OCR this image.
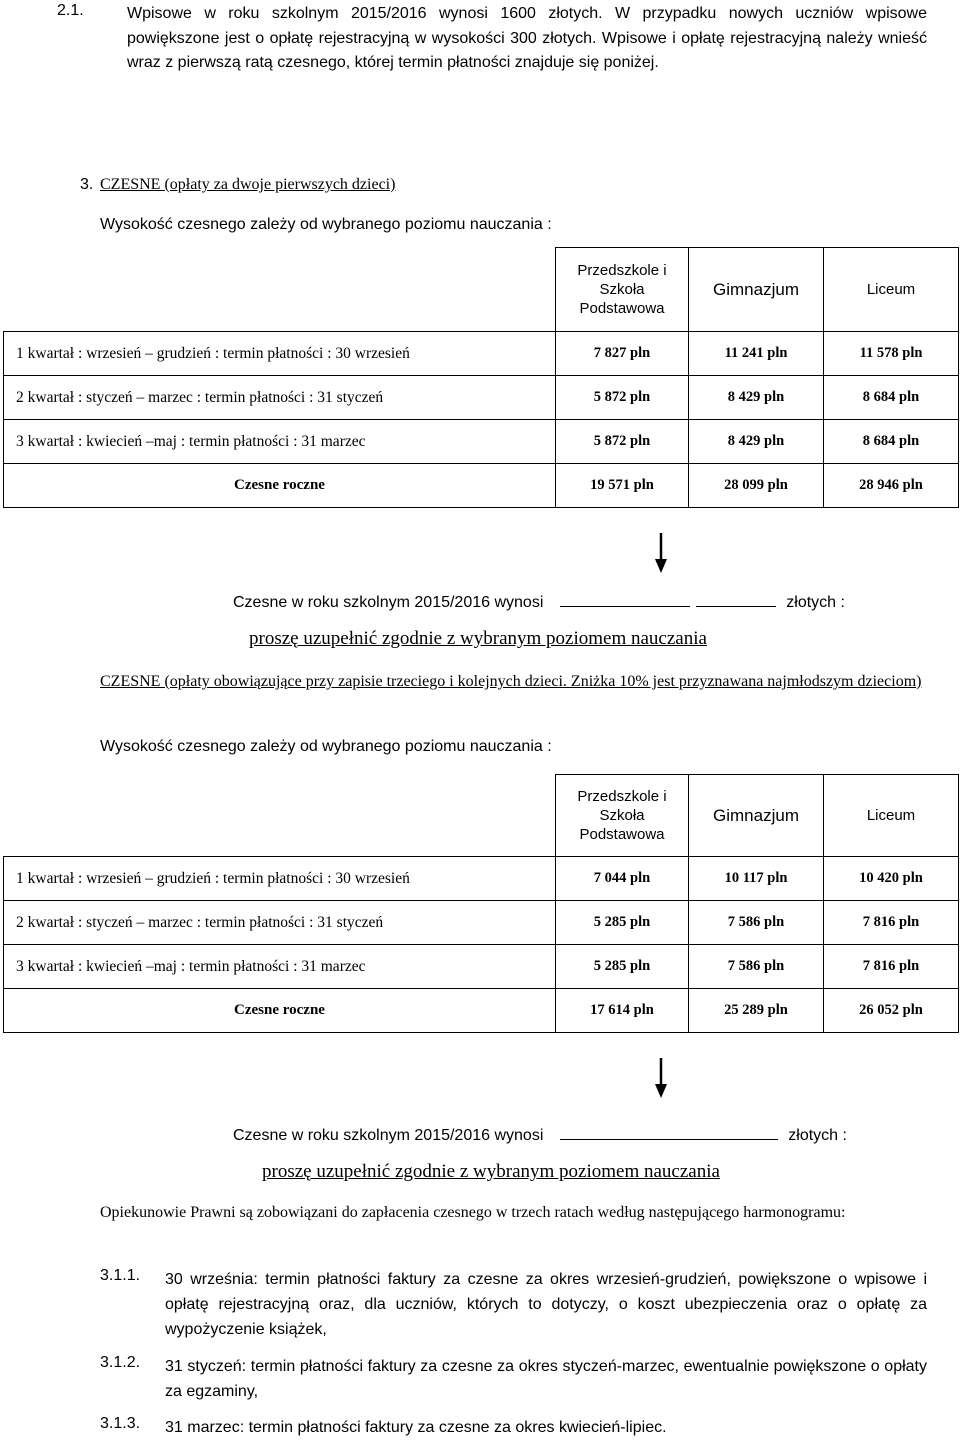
2.1.	Wpisowe w roku szkolnym 2015/2016 wynosi 1600 złotych. W przypadku nowych uczniów wpisowe powiększone jest o opłatę rejestracyjną w wysokości 300 złotych. Wpisowe i opłatę rejestracyjną należy wnieść wraz z pierwszą ratą czesnego, której termin płatności znajduje się poniżej.
3. CZESNE (opłaty za dwoje pierwszych dzieci)
Wysokość czesnego zależy od wybranego poziomu nauczania :
	Przedszkole i Szkoła Podstawowa	Gimnazjum	Liceum
1 kwartał : wrzesień – grudzień : termin płatności : 30 wrzesień	7 827 pln	11 241 pln	11 578 pln
2 kwartał : styczeń – marzec : termin płatności : 31 styczeń	5 872 pln	8 429 pln	8 684 pln
3 kwartał : kwiecień –maj : termin płatności : 31 marzec	5 872 pln	8 429 pln	8 684 pln
Czesne roczne	19 571 pln	28 099 pln	28 946 pln
Czesne w roku szkolnym 2015/2016 wynosi	złotych :
proszę uzupełnić zgodnie z wybranym poziomem nauczania
CZESNE (opłaty obowiązujące przy zapisie trzeciego i kolejnych dzieci. Zniżka 10% jest przyznawana najmłodszym dzieciom)
Wysokość czesnego zależy od wybranego poziomu nauczania :
	Przedszkole i Szkoła Podstawowa	Gimnazjum	Liceum
1 kwartał : wrzesień – grudzień : termin płatności : 30 wrzesień	7 044 pln	10 117 pln	10 420 pln
2 kwartał : styczeń – marzec : termin płatności : 31 styczeń	5 285 pln	7 586 pln	7 816 pln
3 kwartał : kwiecień –maj : termin płatności : 31 marzec	5 285 pln	7 586 pln	7 816 pln
Czesne roczne	17 614 pln	25 289 pln	26 052 pln
Czesne w roku szkolnym 2015/2016 wynosi	złotych :
proszę uzupełnić zgodnie z wybranym poziomem nauczania
Opiekunowie Prawni są zobowiązani do zapłacenia czesnego w trzech ratach według następującego harmonogramu:
3.1.1. 30 września: termin płatności faktury za czesne za okres wrzesień-grudzień, powiększone o wpisowe i opłatę rejestracyjną oraz, dla uczniów, których to dotyczy, o koszt ubezpieczenia oraz o opłatę za wypożyczenie książek,
3.1.2. 31 styczeń: termin płatności faktury za czesne za okres styczeń-marzec, ewentualnie powiększone o opłaty za egzaminy,
3.1.3. 31 marzec: termin płatności faktury za czesne za okres kwiecień-lipiec.
